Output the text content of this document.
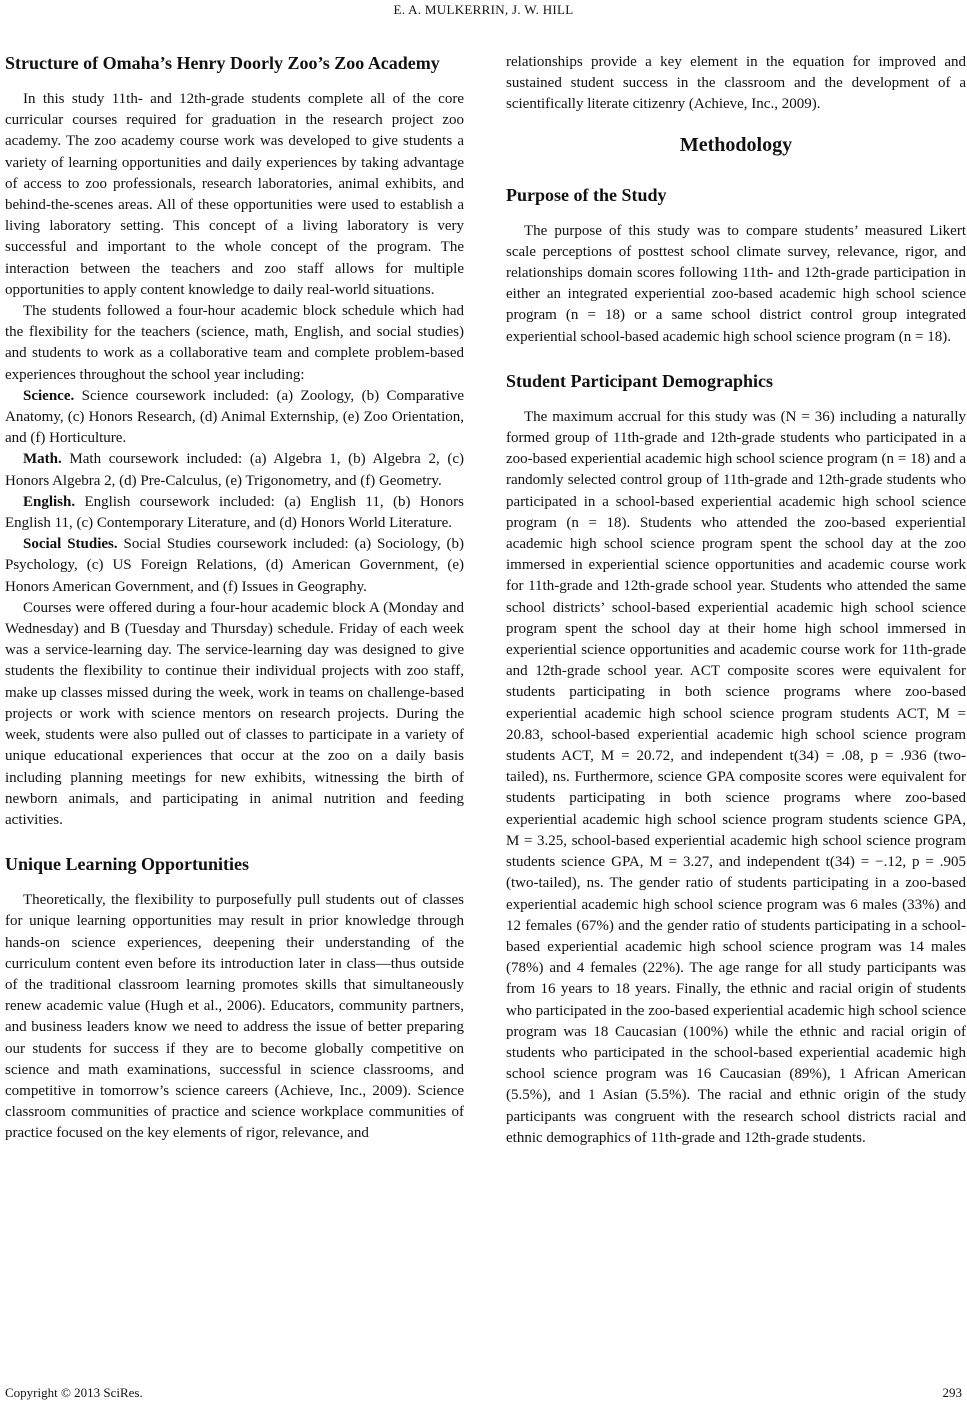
E. A. MULKERRIN, J. W. HILL
Structure of Omaha’s Henry Doorly Zoo’s Zoo Academy

In this study 11th- and 12th-grade students complete all of the core curricular courses required for graduation in the research project zoo academy. The zoo academy course work was developed to give students a variety of learning opportunities and daily experiences by taking advantage of access to zoo professionals, research laboratories, animal exhibits, and behind-the-scenes areas. All of these opportunities were used to establish a living laboratory setting. This concept of a living laboratory is very successful and important to the whole concept of the program. The interaction between the teachers and zoo staff allows for multiple opportunities to apply content knowledge to daily real-world situations.

The students followed a four-hour academic block schedule which had the flexibility for the teachers (science, math, English, and social studies) and students to work as a collaborative team and complete problem-based experiences throughout the school year including:

Science. Science coursework included: (a) Zoology, (b) Comparative Anatomy, (c) Honors Research, (d) Animal Externship, (e) Zoo Orientation, and (f) Horticulture.

Math. Math coursework included: (a) Algebra 1, (b) Algebra 2, (c) Honors Algebra 2, (d) Pre-Calculus, (e) Trigonometry, and (f) Geometry.

English. English coursework included: (a) English 11, (b) Honors English 11, (c) Contemporary Literature, and (d) Honors World Literature.

Social Studies. Social Studies coursework included: (a) Sociology, (b) Psychology, (c) US Foreign Relations, (d) American Government, (e) Honors American Government, and (f) Issues in Geography.

Courses were offered during a four-hour academic block A (Monday and Wednesday) and B (Tuesday and Thursday) schedule. Friday of each week was a service-learning day. The service-learning day was designed to give students the flexibility to continue their individual projects with zoo staff, make up classes missed during the week, work in teams on challenge-based projects or work with science mentors on research projects. During the week, students were also pulled out of classes to participate in a variety of unique educational experiences that occur at the zoo on a daily basis including planning meetings for new exhibits, witnessing the birth of newborn animals, and participating in animal nutrition and feeding activities.

Unique Learning Opportunities

Theoretically, the flexibility to purposefully pull students out of classes for unique learning opportunities may result in prior knowledge through hands-on science experiences, deepening their understanding of the curriculum content even before its introduction later in class—thus outside of the traditional classroom learning promotes skills that simultaneously renew academic value (Hugh et al., 2006). Educators, community partners, and business leaders know we need to address the issue of better preparing our students for success if they are to become globally competitive on science and math examinations, successful in science classrooms, and competitive in tomorrow’s science careers (Achieve, Inc., 2009). Science classroom communities of practice and science workplace communities of practice focused on the key elements of rigor, relevance, and

relationships provide a key element in the equation for improved and sustained student success in the classroom and the development of a scientifically literate citizenry (Achieve, Inc., 2009).

Methodology
Purpose of the Study

The purpose of this study was to compare students’ measured Likert scale perceptions of posttest school climate survey, relevance, rigor, and relationships domain scores following 11th- and 12th-grade participation in either an integrated experiential zoo-based academic high school science program (n = 18) or a same school district control group integrated experiential school-based academic high school science program (n = 18).

Student Participant Demographics

The maximum accrual for this study was (N = 36) including a naturally formed group of 11th-grade and 12th-grade students who participated in a zoo-based experiential academic high school science program (n = 18) and a randomly selected control group of 11th-grade and 12th-grade students who participated in a school-based experiential academic high school science program (n = 18). Students who attended the zoo-based experiential academic high school science program spent the school day at the zoo immersed in experiential science opportunities and academic course work for 11th-grade and 12th-grade school year. Students who attended the same school districts’ school-based experiential academic high school science program spent the school day at their home high school immersed in experiential science opportunities and academic course work for 11th-grade and 12th-grade school year. ACT composite scores were equivalent for students participating in both science programs where zoo-based experiential academic high school science program students ACT, M = 20.83, school-based experiential academic high school science program students ACT, M = 20.72, and independent t(34) = .08, p = .936 (two-tailed), ns. Furthermore, science GPA composite scores were equivalent for students participating in both science programs where zoo-based experiential academic high school science program students science GPA, M = 3.25, school-based experiential academic high school science program students science GPA, M = 3.27, and independent t(34) = −.12, p = .905 (two-tailed), ns. The gender ratio of students participating in a zoo-based experiential academic high school science program was 6 males (33%) and 12 females (67%) and the gender ratio of students participating in a school-based experiential academic high school science program was 14 males (78%) and 4 females (22%). The age range for all study participants was from 16 years to 18 years. Finally, the ethnic and racial origin of students who participated in the zoo-based experiential academic high school science program was 18 Caucasian (100%) while the ethnic and racial origin of students who participated in the school-based experiential academic high school science program was 16 Caucasian (89%), 1 African American (5.5%), and 1 Asian (5.5%). The racial and ethnic origin of the study participants was congruent with the research school districts racial and ethnic demographics of 11th-grade and 12th-grade students.

Copyright © 2013 SciRes.	293
